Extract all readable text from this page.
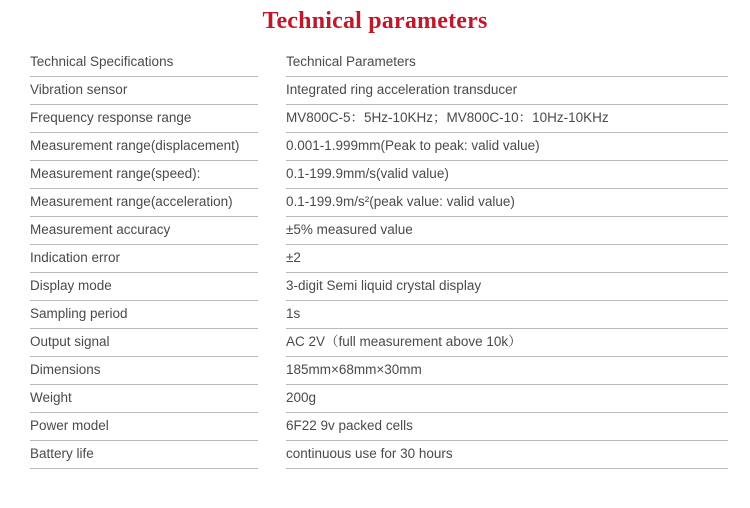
Technical parameters
Technical Specifications	Technical Parameters
Vibration sensor	Integrated ring acceleration transducer
Frequency response range	MV800C-5：5Hz-10KHz；MV800C-10：10Hz-10KHz
Measurement range(displacement)	0.001-1.999mm(Peak to peak: valid value)
Measurement range(speed):	0.1-199.9mm/s(valid value)
Measurement range(acceleration)	0.1-199.9m/s²(peak value: valid value)
Measurement accuracy	±5% measured value
Indication error	±2
Display mode	3-digit Semi liquid crystal display
Sampling period	1s
Output signal	AC 2V（full measurement above 10k）
Dimensions	185mm×68mm×30mm
Weight	200g
Power model	6F22 9v packed cells
Battery life	continuous use for 30 hours
